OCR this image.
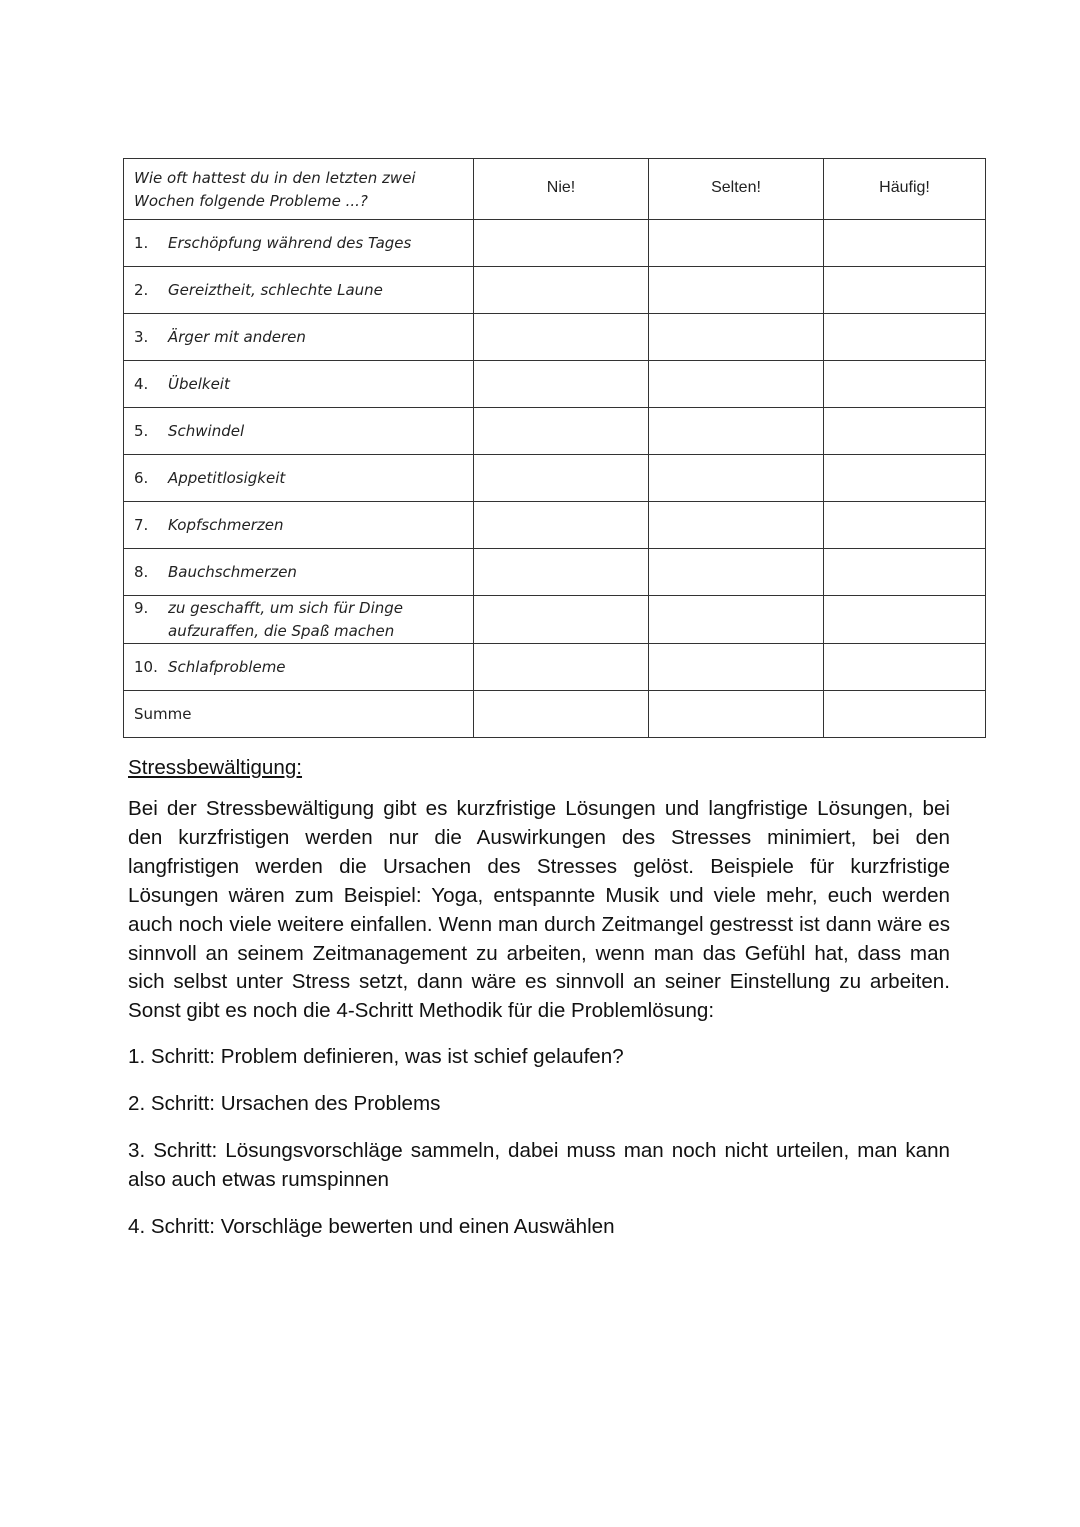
Wie oft hattest du in den letzten zwei Wochen folgende Probleme ...?	Nie!	Selten!	Häufig!

1. Erschöpfung während des Tages			

2. Gereiztheit, schlechte Laune			

3. Ärger mit anderen			

4. Übelkeit			

5. Schwindel			

6. Appetitlosigkeit			

7. Kopfschmerzen			

8. Bauchschmerzen			

9. zu geschafft, um sich für Dinge aufzuraffen, die Spaß machen			

10. Schlafprobleme			

Summe			

Stressbewältigung:

Bei der Stressbewältigung gibt es kurzfristige Lösungen und langfristige Lösungen, bei den kurzfristigen werden nur die Auswirkungen des Stresses minimiert, bei den langfristigen werden die Ursachen des Stresses gelöst. Beispiele für kurzfristige Lösungen wären zum Beispiel: Yoga, entspannte Musik und viele mehr, euch werden auch noch viele weitere einfallen. Wenn man durch Zeitmangel gestresst ist dann wäre es sinnvoll an seinem Zeitmanagement zu arbeiten, wenn man das Gefühl hat, dass man sich selbst unter Stress setzt, dann wäre es sinnvoll an seiner Einstellung zu arbeiten. Sonst gibt es noch die 4-Schritt Methodik für die Problemlösung:

1. Schritt: Problem definieren, was ist schief gelaufen?
2. Schritt: Ursachen des Problems
3. Schritt: Lösungsvorschläge sammeln, dabei muss man noch nicht urteilen, man kann also auch etwas rumspinnen
4. Schritt: Vorschläge bewerten und einen Auswählen
